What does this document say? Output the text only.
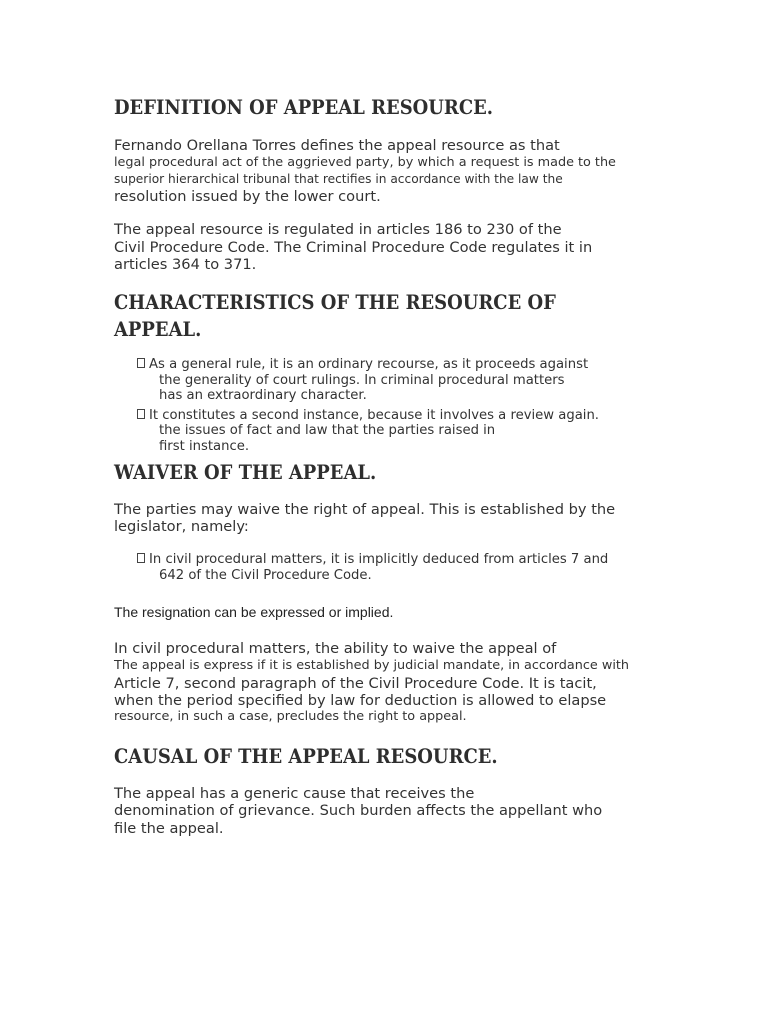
DEFINITION OF APPEAL RESOURCE.

Fernando Orellana Torres defines the appeal resource as that

legal procedural act of the aggrieved party, by which a request is made to the

superior hierarchical tribunal that rectifies in accordance with the law the

resolution issued by the lower court.

The appeal resource is regulated in articles 186 to 230 of the

Civil Procedure Code. The Criminal Procedure Code regulates it in

articles 364 to 371.

CHARACTERISTICS OF THE RESOURCE OF
APPEAL.

As a general rule, it is an ordinary recourse, as it proceeds against

the generality of court rulings. In criminal procedural matters

has an extraordinary character.

It constitutes a second instance, because it involves a review again.

the issues of fact and law that the parties raised in

first instance.

WAIVER OF THE APPEAL.

The parties may waive the right of appeal. This is established by the

legislator, namely:

In civil procedural matters, it is implicitly deduced from articles 7 and

642 of the Civil Procedure Code.

The resignation can be expressed or implied.

In civil procedural matters, the ability to waive the appeal of

The appeal is express if it is established by judicial mandate, in accordance with

Article 7, second paragraph of the Civil Procedure Code. It is tacit,

when the period specified by law for deduction is allowed to elapse

resource, in such a case, precludes the right to appeal.

CAUSAL OF THE APPEAL RESOURCE.

The appeal has a generic cause that receives the

denomination of grievance. Such burden affects the appellant who

file the appeal.
